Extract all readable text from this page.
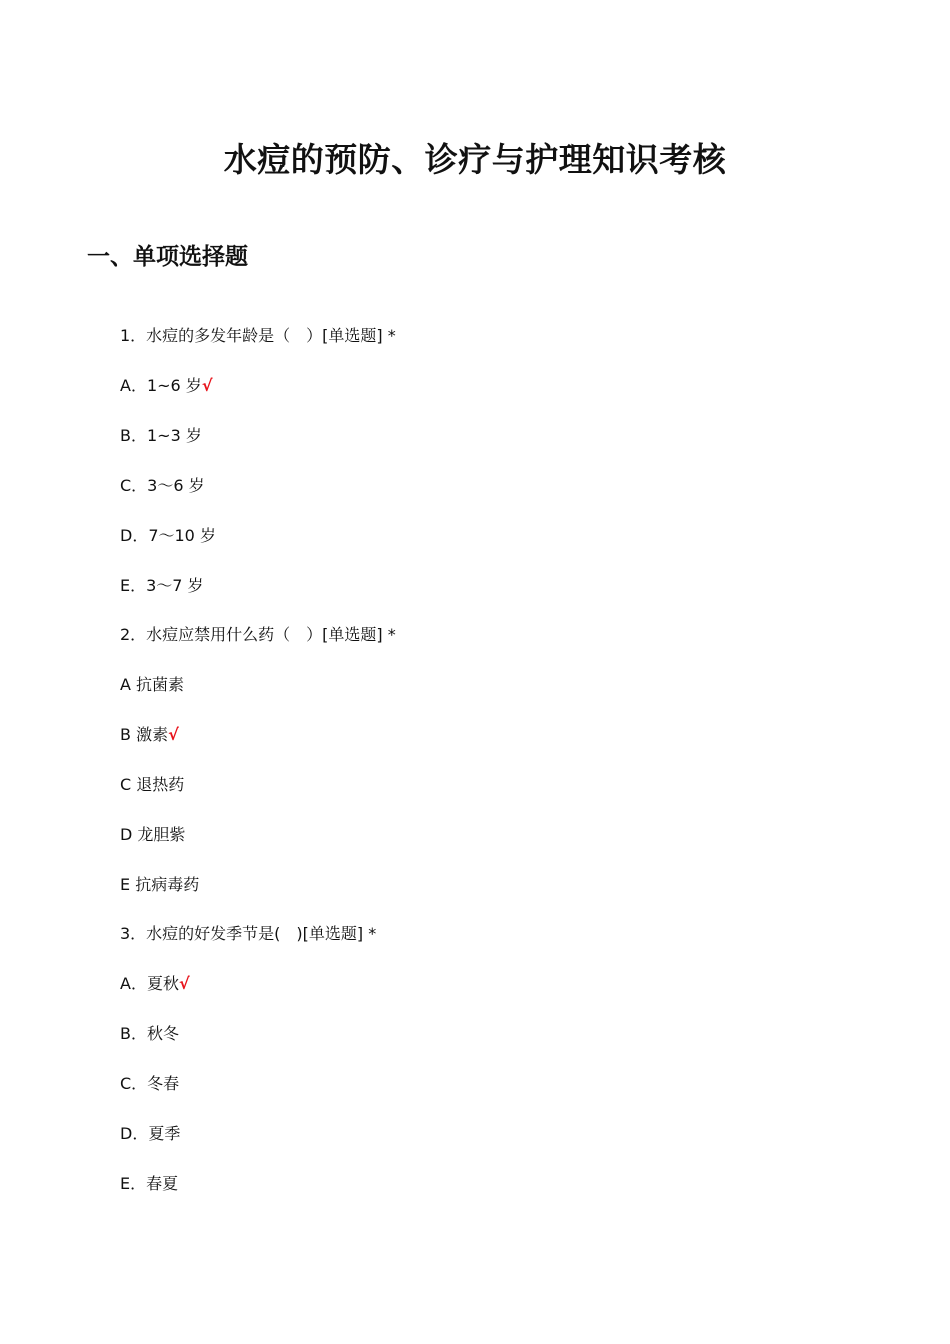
水痘的预防、诊疗与护理知识考核
一、单项选择题
1．水痘的多发年龄是（　）[单选题] *
A．1~6 岁√
B．1~3 岁
C．3～6 岁
D．7～10 岁
E．3～7 岁
2．水痘应禁用什么药（　）[单选题] *
A 抗菌素
B 激素√
C 退热药
D 龙胆紫
E 抗病毒药
3．水痘的好发季节是(　)[单选题] *
A．夏秋√
B．秋冬
C．冬春
D．夏季
E．春夏
